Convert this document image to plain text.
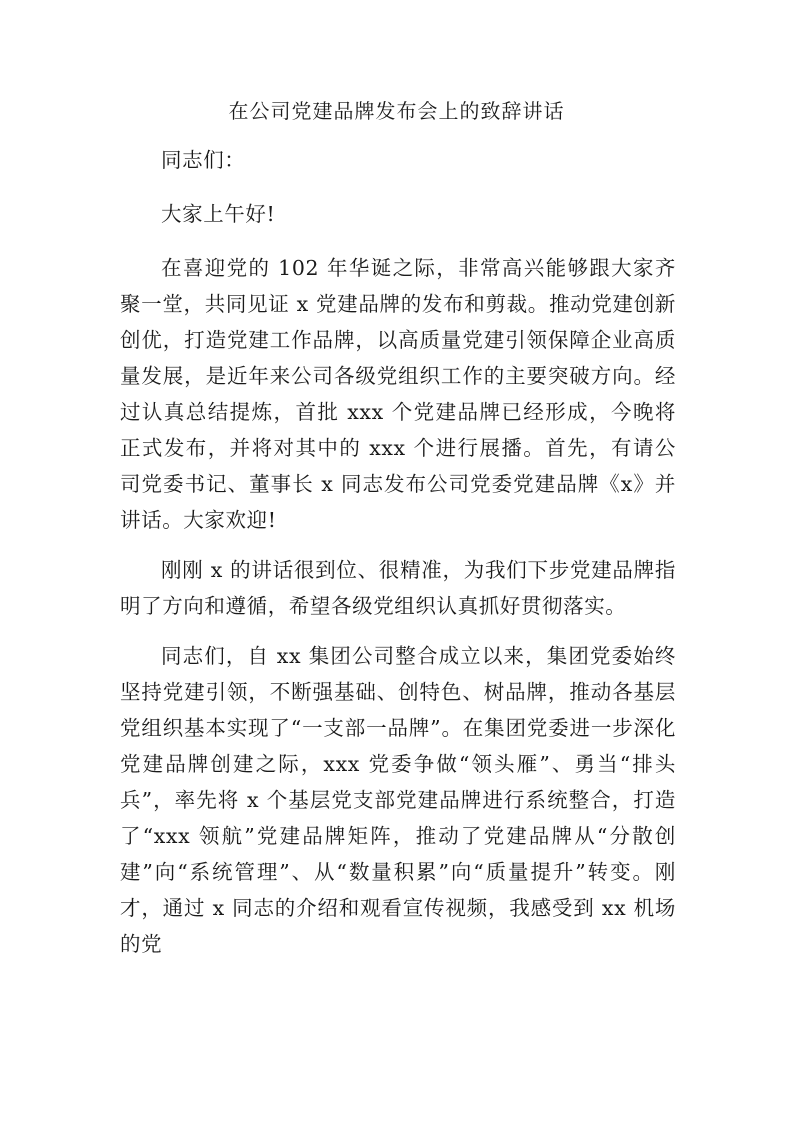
在公司党建品牌发布会上的致辞讲话

同志们：

大家上午好!

在喜迎党的 102 年华诞之际，非常高兴能够跟大家齐聚一堂，共同见证 x 党建品牌的发布和剪裁。推动党建创新创优，打造党建工作品牌，以高质量党建引领保障企业高质量发展，是近年来公司各级党组织工作的主要突破方向。经过认真总结提炼，首批 xxx 个党建品牌已经形成，今晚将正式发布，并将对其中的 xxx 个进行展播。首先，有请公司党委书记、董事长 x 同志发布公司党委党建品牌《x》并讲话。大家欢迎!

刚刚 x 的讲话很到位、很精准，为我们下步党建品牌指明了方向和遵循，希望各级党组织认真抓好贯彻落实。

同志们，自 xx 集团公司整合成立以来，集团党委始终坚持党建引领，不断强基础、创特色、树品牌，推动各基层党组织基本实现了“一支部一品牌”。在集团党委进一步深化党建品牌创建之际，xxx 党委争做“领头雁”、勇当“排头兵”，率先将 x 个基层党支部党建品牌进行系统整合，打造了“xxx 领航”党建品牌矩阵，推动了党建品牌从“分散创建”向“系统管理”、从“数量积累”向“质量提升”转变。刚才，通过 x 同志的介绍和观看宣传视频，我感受到 xx 机场的党
